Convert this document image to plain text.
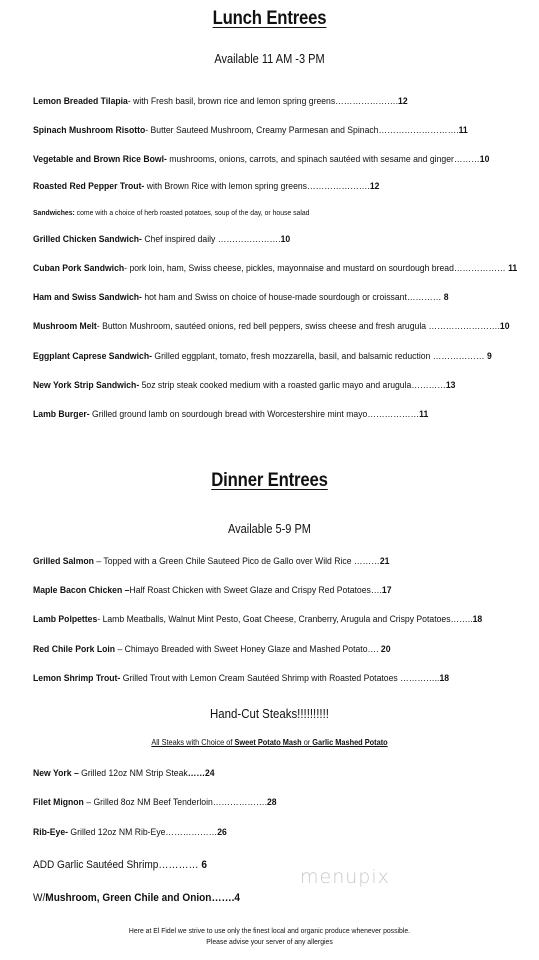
Lunch Entrees
Available 11 AM -3 PM
Lemon Breaded Tilapia- with Fresh basil, brown rice and lemon spring greens………………….12
Spinach Mushroom Risotto- Butter Sauteed Mushroom, Creamy Parmesan and Spinach……………………….11
Vegetable and Brown Rice Bowl- mushrooms, onions, carrots, and spinach sautéed with sesame and ginger………10
Roasted Red Pepper Trout- with Brown Rice with lemon spring greens………………….12
Sandwiches: come with a choice of herb roasted potatoes, soup of the day, or house salad
Grilled Chicken Sandwich- Chef inspired daily ………………….10
Cuban Pork Sandwich- pork loin, ham, Swiss cheese, pickles, mayonnaise and mustard on sourdough bread……………… 11
Ham and Swiss Sandwich- hot ham and Swiss on choice of house-made sourdough or croissant………… 8
Mushroom Melt- Button Mushroom, sautéed onions, red bell peppers, swiss cheese and fresh arugula …………………….10
Eggplant Caprese Sandwich- Grilled eggplant, tomato, fresh mozzarella, basil, and balsamic reduction ……………… 9
New York Strip Sandwich- 5oz strip steak cooked medium with a roasted garlic mayo and arugula…………13
Lamb Burger- Grilled ground lamb on sourdough bread with Worcestershire mint mayo………………11
Dinner Entrees
Available 5-9 PM
Grilled Salmon – Topped with a Green Chile Sauteed Pico de Gallo over Wild Rice ………21
Maple Bacon Chicken –Half Roast Chicken with Sweet Glaze and Crispy Red Potatoes….17
Lamb Polpettes- Lamb Meatballs, Walnut Mint Pesto, Goat Cheese, Cranberry, Arugula and Crispy Potatoes……..18
Red Chile Pork Loin – Chimayo Breaded with Sweet Honey Glaze and Mashed Potato…. 20
Lemon Shrimp Trout- Grilled Trout with Lemon Cream Sautéed Shrimp with Roasted Potatoes …………..18
Hand-Cut Steaks!!!!!!!!!!
All Steaks with Choice of Sweet Potato Mash or Garlic Mashed Potato
New York – Grilled 12oz NM Strip Steak……24
Filet Mignon – Grilled 8oz NM Beef Tenderloin……………….28
Rib-Eye- Grilled 12oz NM Rib-Eye………………26
ADD Garlic Sautéed Shrimp………… 6
W/Mushroom, Green Chile and Onion…….4
menupix
Here at El Fidel we strive to use only the finest local and organic produce whenever possible.
Please advise your server of any allergies
